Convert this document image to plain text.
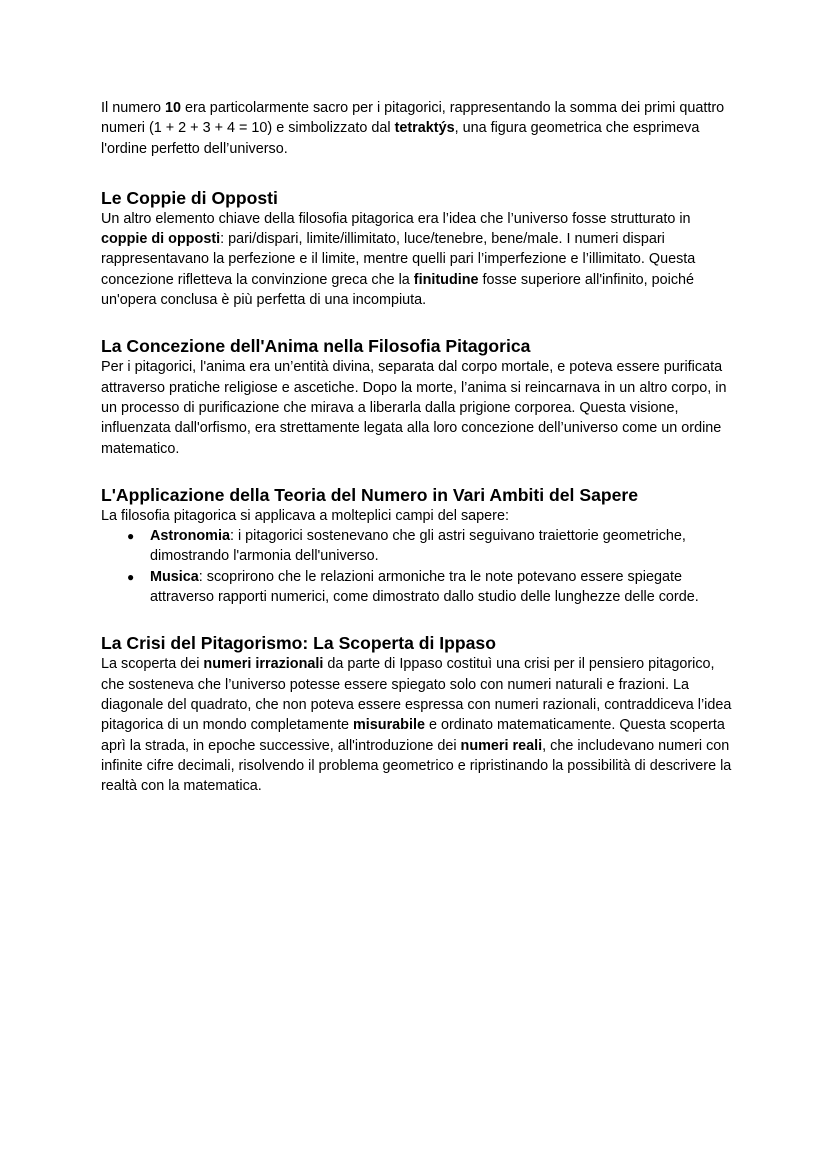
Il numero 10 era particolarmente sacro per i pitagorici, rappresentando la somma dei primi quattro numeri (1 + 2 + 3 + 4 = 10) e simbolizzato dal tetraktýs, una figura geometrica che esprimeva l'ordine perfetto dell’universo.

Le Coppie di Opposti

Un altro elemento chiave della filosofia pitagorica era l’idea che l’universo fosse strutturato in coppie di opposti: pari/dispari, limite/illimitato, luce/tenebre, bene/male. I numeri dispari rappresentavano la perfezione e il limite, mentre quelli pari l’imperfezione e l’illimitato. Questa concezione rifletteva la convinzione greca che la finitudine fosse superiore all'infinito, poiché un'opera conclusa è più perfetta di una incompiuta.

La Concezione dell'Anima nella Filosofia Pitagorica

Per i pitagorici, l'anima era un’entità divina, separata dal corpo mortale, e poteva essere purificata attraverso pratiche religiose e ascetiche. Dopo la morte, l’anima si reincarnava in un altro corpo, in un processo di purificazione che mirava a liberarla dalla prigione corporea. Questa visione, influenzata dall'orfismo, era strettamente legata alla loro concezione dell’universo come un ordine matematico.

L'Applicazione della Teoria del Numero in Vari Ambiti del Sapere

La filosofia pitagorica si applicava a molteplici campi del sapere:

● Astronomia: i pitagorici sostenevano che gli astri seguivano traiettorie geometriche, dimostrando l'armonia dell'universo.
● Musica: scoprirono che le relazioni armoniche tra le note potevano essere spiegate attraverso rapporti numerici, come dimostrato dallo studio delle lunghezze delle corde.
La Crisi del Pitagorismo: La Scoperta di Ippaso

La scoperta dei numeri irrazionali da parte di Ippaso costituì una crisi per il pensiero pitagorico, che sosteneva che l’universo potesse essere spiegato solo con numeri naturali e frazioni. La diagonale del quadrato, che non poteva essere espressa con numeri razionali, contraddiceva l’idea pitagorica di un mondo completamente misurabile e ordinato matematicamente. Questa scoperta aprì la strada, in epoche successive, all'introduzione dei numeri reali, che includevano numeri con infinite cifre decimali, risolvendo il problema geometrico e ripristinando la possibilità di descrivere la realtà con la matematica.
